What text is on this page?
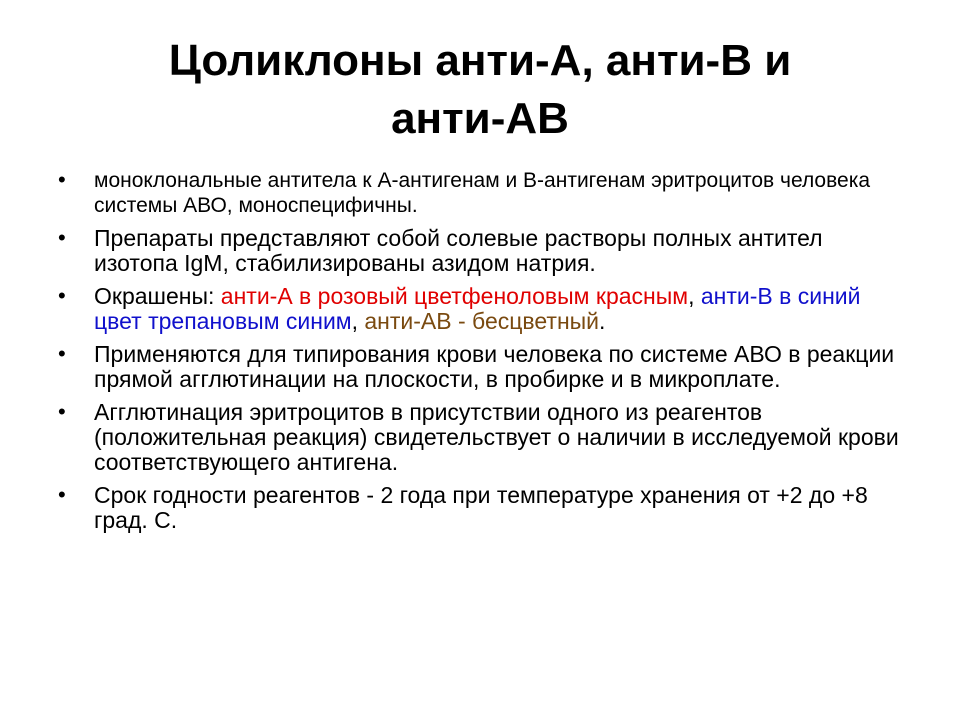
Цоликлоны анти-А, анти-В и
анти-АВ
• моноклональные антитела к А-антигенам и В-антигенам эритроцитов человека системы АВО, моноспецифичны.
• Препараты представляют собой солевые растворы полных антител изотопа IgM, стабилизированы азидом натрия.
• Окрашены: анти-А в розовый цветфеноловым красным, анти-В в синий цвет трепановым синим, анти-АВ - бесцветный.
• Применяются для типирования крови человека по системе АВО в реакции прямой агглютинации на плоскости, в пробирке и в микроплате.
• Агглютинация эритроцитов в присутствии одного из реагентов (положительная реакция) свидетельствует о наличии в исследуемой крови соответствующего антигена.
• Срок годности реагентов - 2 года при температуре хранения от +2 до +8 град. С.
